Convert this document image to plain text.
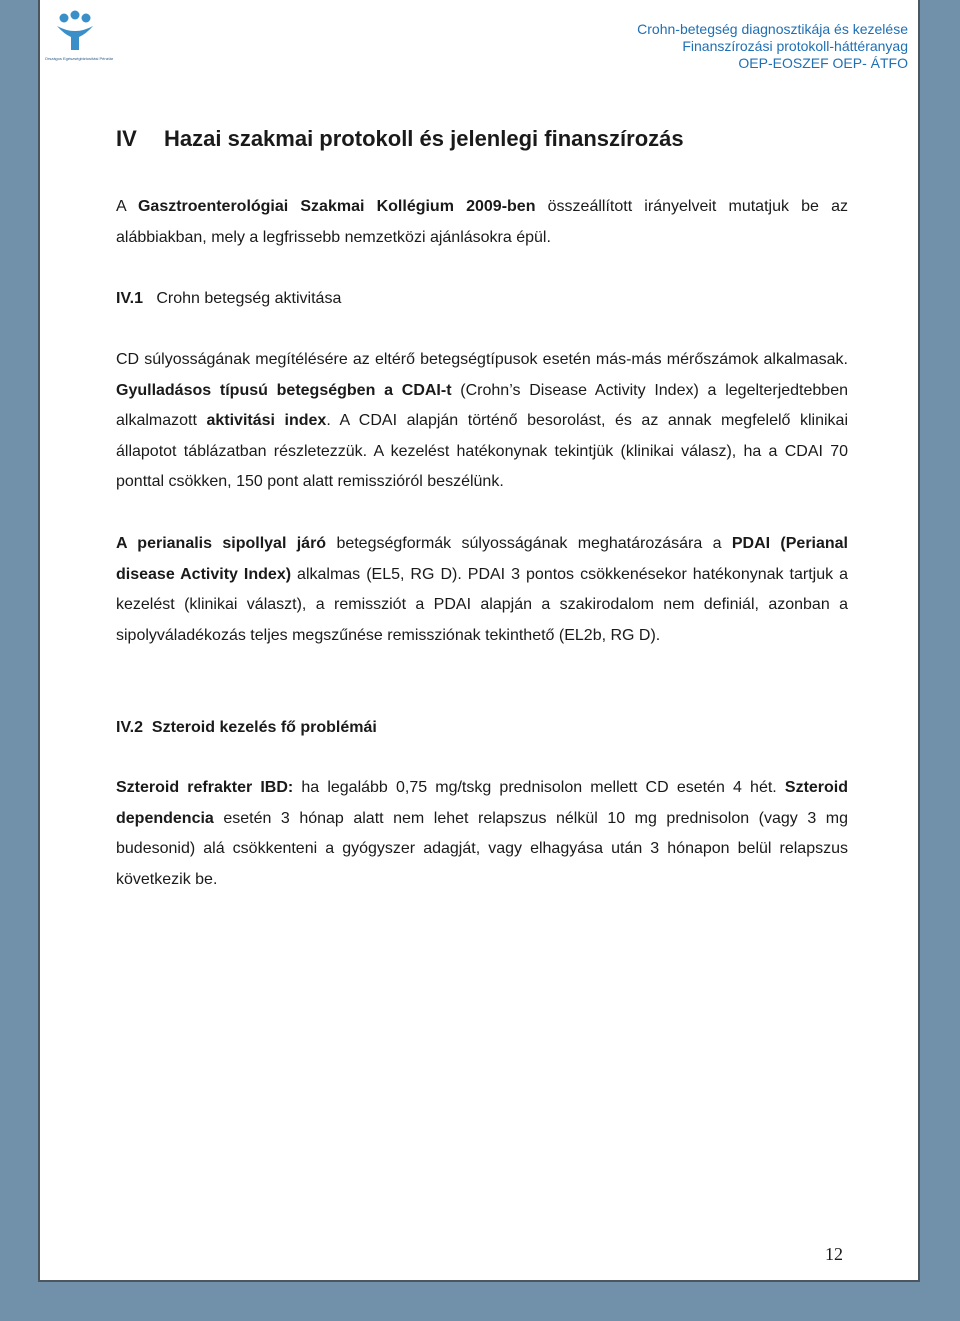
Országos Egészségbiztosítási Pénztár
Crohn-betegség diagnosztikája és kezelése
Finanszírozási protokoll-háttéranyag
OEP-EOSZEF OEP- ÁTFO
IV Hazai szakmai protokoll és jelenlegi finanszírozás

A Gasztroenterológiai Szakmai Kollégium 2009-ben összeállított irányelveit mutatjuk be az alábbiakban, mely a legfrissebb nemzetközi ajánlásokra épül.

IV.1 Crohn betegség aktivitása

CD súlyosságának megítélésére az eltérő betegségtípusok esetén más-más mérőszámok alkalmasak. Gyulladásos típusú betegségben a CDAI-t (Crohn’s Disease Activity Index) a legelterjedtebben alkalmazott aktivitási index. A CDAI alapján történő besorolást, és az annak megfelelő klinikai állapotot táblázatban részletezzük. A kezelést hatékonynak tekintjük (klinikai válasz), ha a CDAI 70 ponttal csökken, 150 pont alatt remisszióról beszélünk.

A perianalis sipollyal járó betegségformák súlyosságának meghatározására a PDAI (Perianal disease Activity Index) alkalmas (EL5, RG D). PDAI 3 pontos csökkenésekor hatékonynak tartjuk a kezelést (klinikai választ), a remissziót a PDAI alapján a szakirodalom nem definiál, azonban a sipolyváladékozás teljes megszűnése remissziónak tekinthető (EL2b, RG D).

IV.2 Szteroid kezelés fő problémái

Szteroid refrakter IBD: ha legalább 0,75 mg/tskg prednisolon mellett CD esetén 4 hét. Szteroid dependencia esetén 3 hónap alatt nem lehet relapszus nélkül 10 mg prednisolon (vagy 3 mg budesonid) alá csökkenteni a gyógyszer adagját, vagy elhagyása után 3 hónapon belül relapszus következik be.

12
